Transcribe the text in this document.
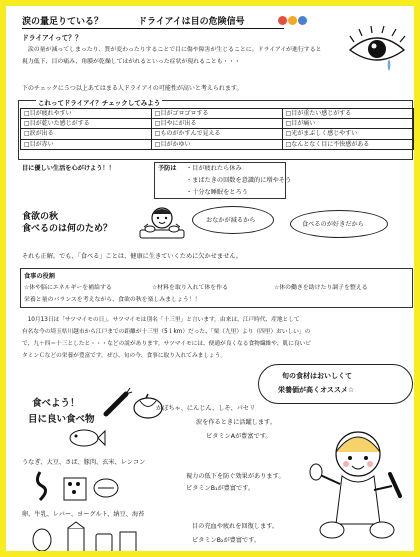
涙の量足りている？	ドライアイは目の危険信号
ドライアイって？？
　涙の量が減ってしまったり、質が変わったりすることで目に傷や障害が生じることに。ドライアイが進行すると
視力低下、目の痛み、角膜が乾燥してはがれるといった症状が現れることも・・・
下のチェックに５つ以上あてはまる人ドライアイの可能性が高いと考えられます。
これってドライアイ？チェックしてみよう
□目が疲れやすい	□目がゴロゴロする	□目が重たい感じがする
□目が乾いた感じがする	□目やにが出る	□目が痛い
□涙が出る	□ものがかすんで見える	□光がまぶしく感じやすい
□目が赤い	□目がかゆい	□なんとなく目に不快感がある
目に優しい生活を心がけよう！！	予防は ・目が疲れたら休み
・まばたきの回数を意識的に増やそう
・十分な睡眠をとろう
食欲の秋
食べるのは何のため？
おなかが減るから
食べるのが好きだから
それも正解。でも、「食べる」ことは、健康に生きていくために欠かせません。
食事の役割
☆体や脳にエネルギーを補給する	☆材料を取り入れて体を作る	☆体の働きを助けたり調子を整える
栄養と量のバランスを考えながら、食欲の秋を楽しみましょう！！
　10月13日は「サツマイモの日」。サツマイモは別名「十三里」と言います。由来は、江戸時代、産地として
有名な今の埼玉県川越市から江戸までの距離が十三里（5１km）だった、「栗（九里）より（四里）おいしい」の
で、九＋四＝十三としたと・・・などの説があります。サツマイモには、便通が良くなる食物繊維や、肌に良いビ
タミンＣなどの栄養が豊富です。ぜひ、旬の今、食事に取り入れてみましょう。
旬の食材はおいしくて
栄養価が高くオススメ☆
食べよう！
目に良い食べ物
かぼちゃ、にんじん、しそ、パセリ
涙を作るときに活躍します。
ビタミンAが豊富です。
うなぎ、大豆、さば、豚肉、玄米、レンコン
視力の低下を防ぐ効果があります。
ビタミンB₁が豊富です。
卵、牛乳、レバー、ヨーグルト、納豆、海苔
目の充血や疲れを回復します。
ビタミンB₂が豊富です。
